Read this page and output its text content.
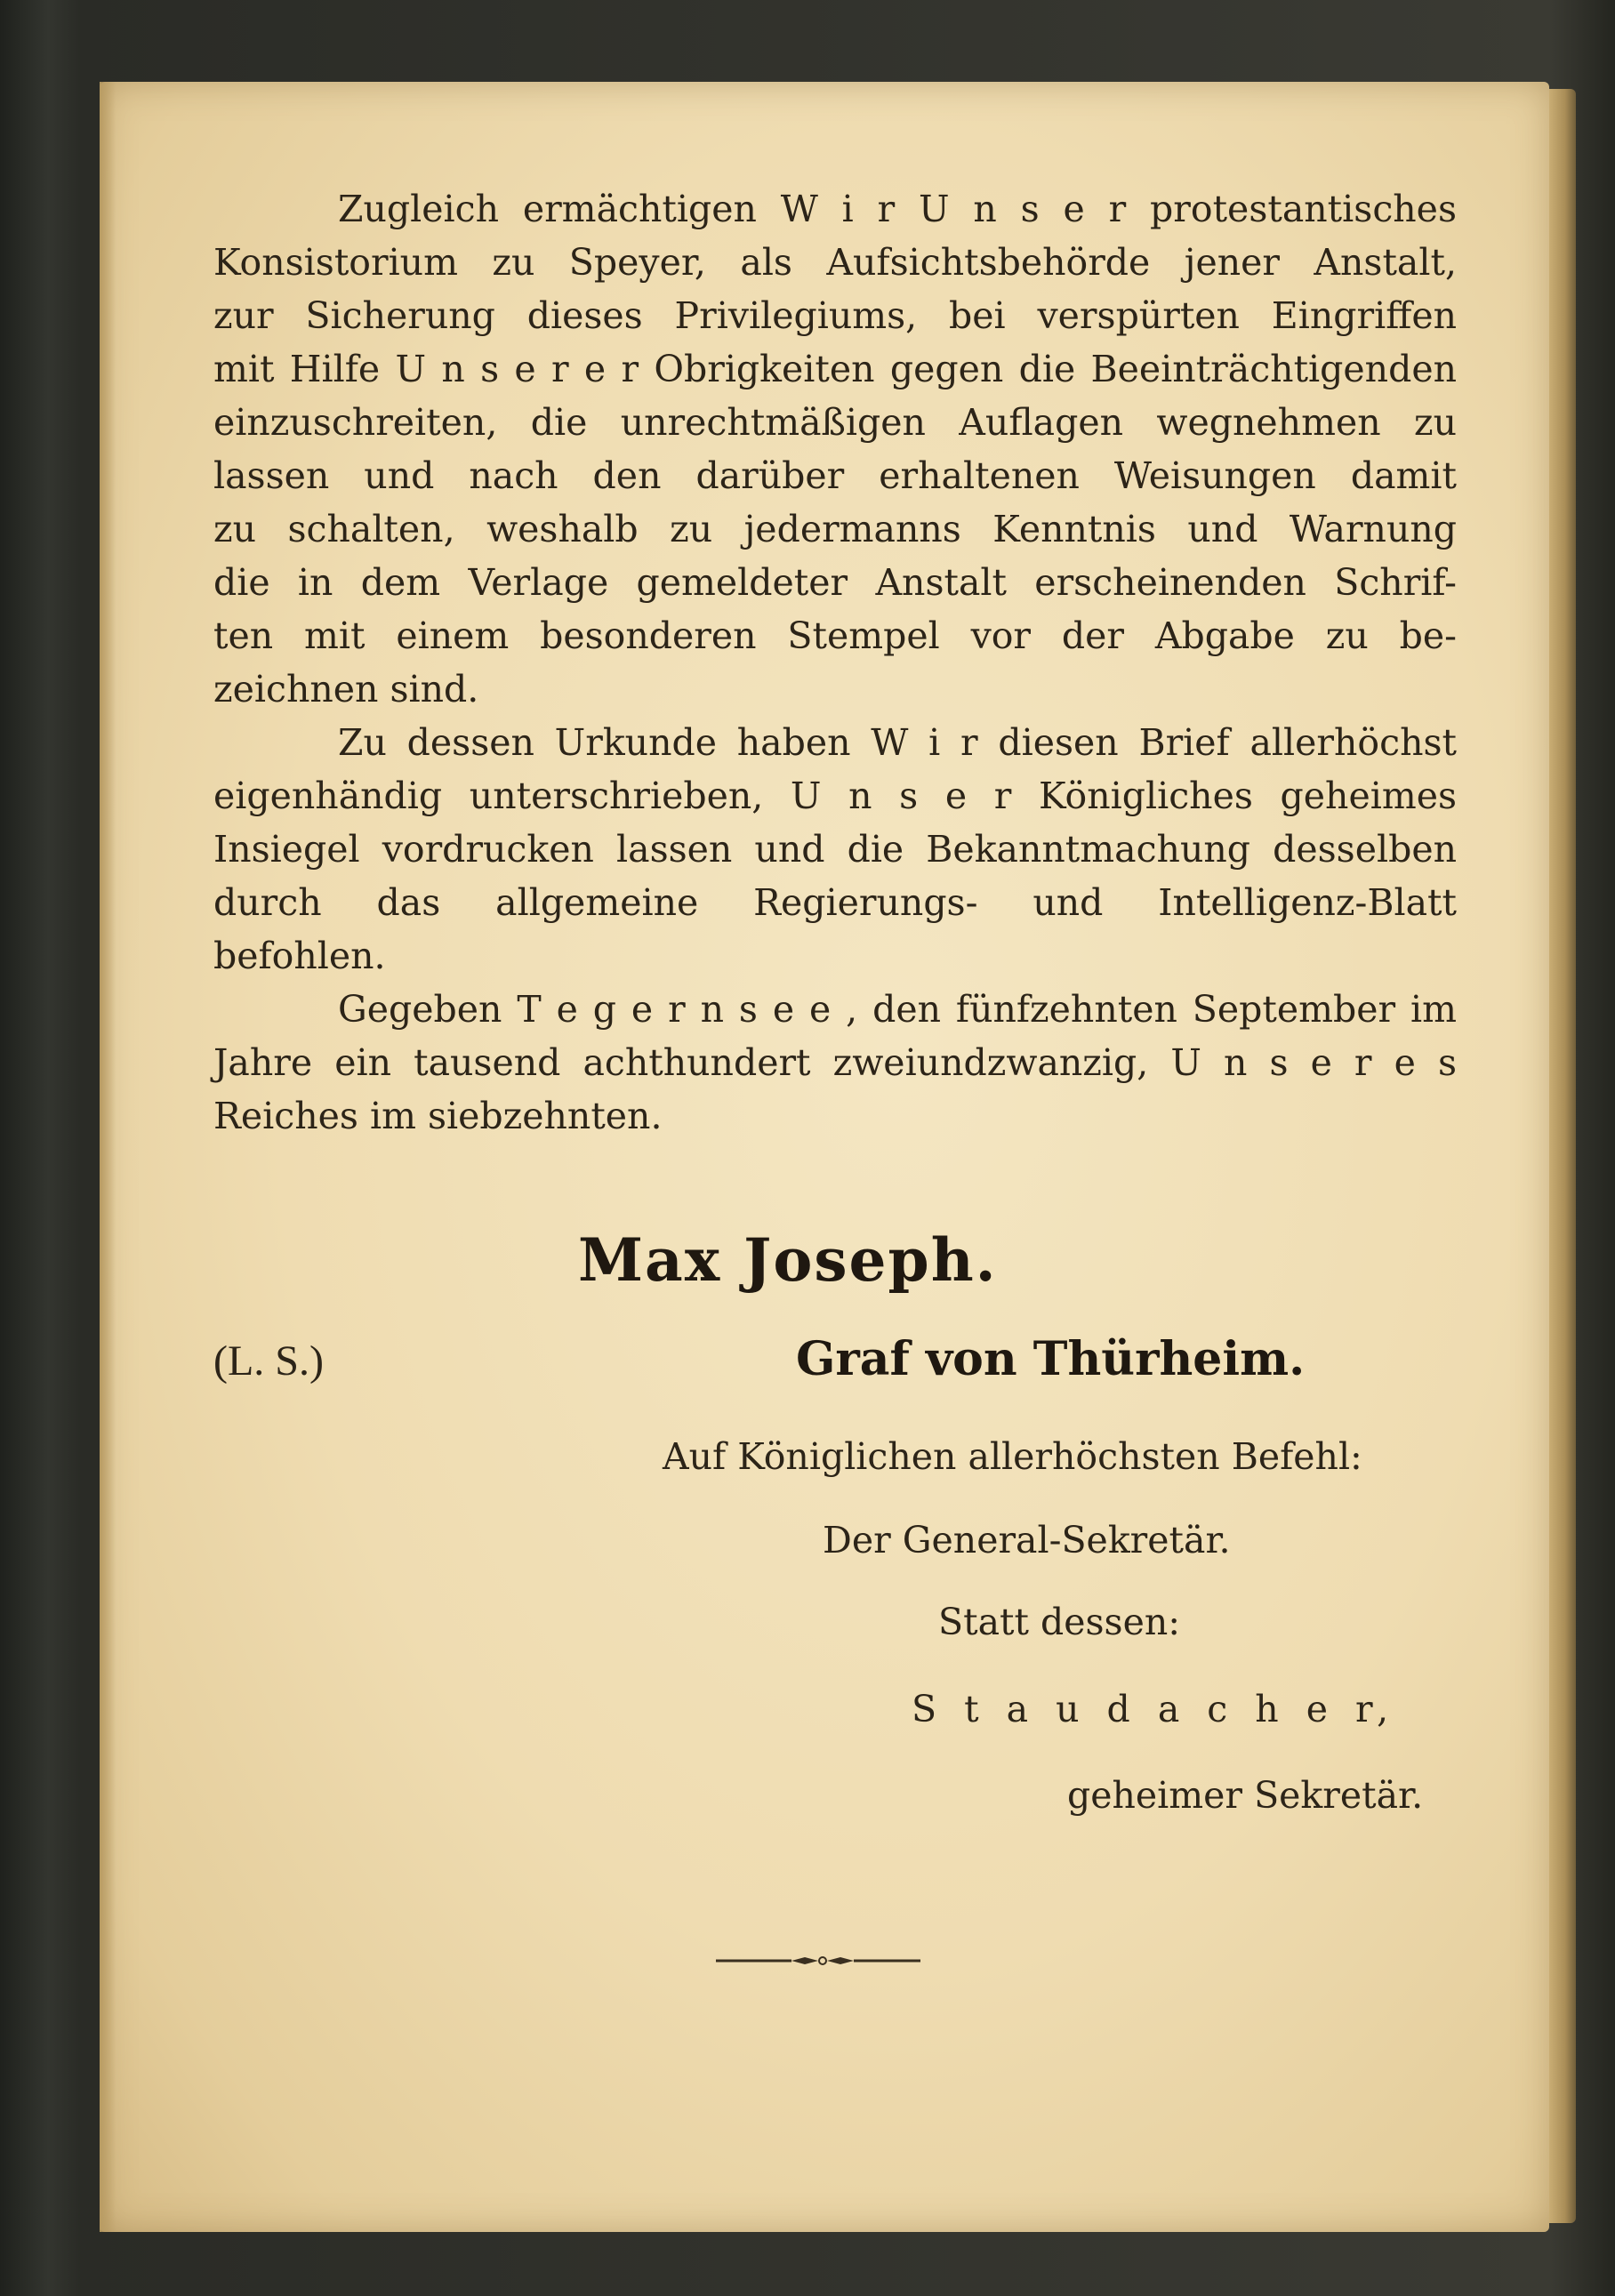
Zugleich ermächtigen W i r U n s e r protestantisches
Konsistorium zu Speyer, als Aufsichtsbehörde jener Anstalt,
zur Sicherung dieses Privilegiums, bei verspürten Eingriffen
mit Hilfe U n s e r e r Obrigkeiten gegen die Beeinträchtigenden
einzuschreiten, die unrechtmäßigen Auflagen wegnehmen zu
lassen und nach den darüber erhaltenen Weisungen damit
zu schalten, weshalb zu jedermanns Kenntnis und Warnung
die in dem Verlage gemeldeter Anstalt erscheinenden Schrif-
ten mit einem besonderen Stempel vor der Abgabe zu be-
zeichnen sind.
Zu dessen Urkunde haben W i r diesen Brief allerhöchst
eigenhändig unterschrieben, U n s e r Königliches geheimes
Insiegel vordrucken lassen und die Bekanntmachung desselben
durch das allgemeine Regierungs- und Intelligenz-Blatt
befohlen.
Gegeben T e g e r n s e e , den fünfzehnten September im
Jahre ein tausend achthundert zweiundzwanzig, U n s e r e s
Reiches im siebzehnten.
Max Joseph.
(L. S.)	Graf von Thürheim.
Auf Königlichen allerhöchsten Befehl:
Der General-Sekretär.
Statt dessen:
S t a u d a c h e r,
geheimer Sekretär.
